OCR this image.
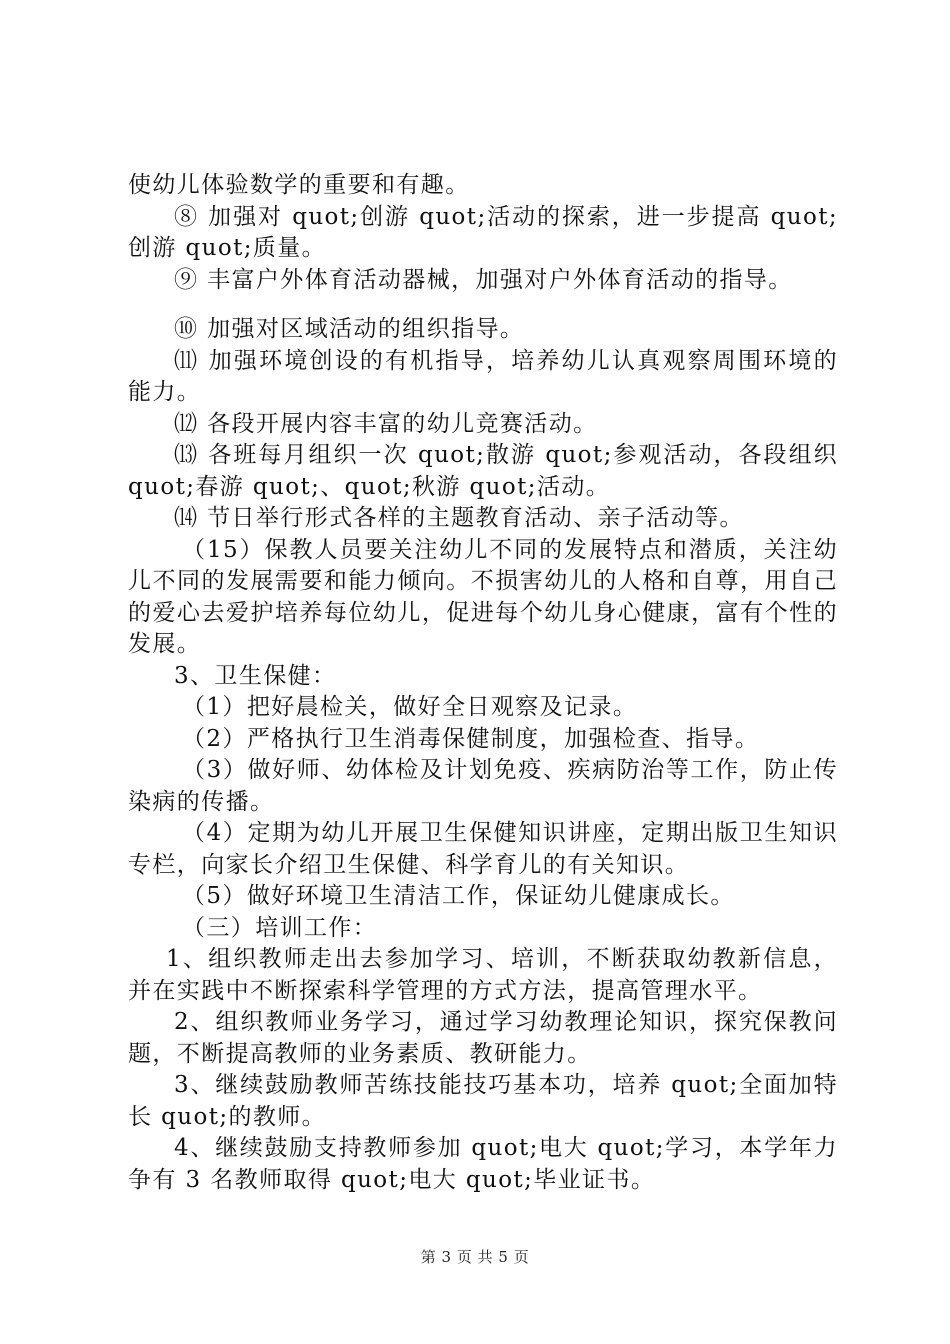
使幼儿体验数学的重要和有趣。

⑧ 加强对 quot;创游 quot;活动的探索，进一步提高 quot;创游 quot;质量。

⑨ 丰富户外体育活动器械，加强对户外体育活动的指导。

⑩ 加强对区域活动的组织指导。

⑾ 加强环境创设的有机指导，培养幼儿认真观察周围环境的能力。

⑿ 各段开展内容丰富的幼儿竞赛活动。

⒀ 各班每月组织一次 quot;散游 quot;参观活动，各段组织 quot;春游 quot;、quot;秋游 quot;活动。

⒁ 节日举行形式各样的主题教育活动、亲子活动等。

（15）保教人员要关注幼儿不同的发展特点和潜质，关注幼儿不同的发展需要和能力倾向。不损害幼儿的人格和自尊，用自己的爱心去爱护培养每位幼儿，促进每个幼儿身心健康，富有个性的发展。

3、卫生保健：

（1）把好晨检关，做好全日观察及记录。

（2）严格执行卫生消毒保健制度，加强检查、指导。

（3）做好师、幼体检及计划免疫、疾病防治等工作，防止传染病的传播。

（4）定期为幼儿开展卫生保健知识讲座，定期出版卫生知识专栏，向家长介绍卫生保健、科学育儿的有关知识。

（5）做好环境卫生清洁工作，保证幼儿健康成长。

（三）培训工作：

1、组织教师走出去参加学习、培训，不断获取幼教新信息，并在实践中不断探索科学管理的方式方法，提高管理水平。

2、组织教师业务学习，通过学习幼教理论知识，探究保教问题，不断提高教师的业务素质、教研能力。

3、继续鼓励教师苦练技能技巧基本功，培养 quot;全面加特长 quot;的教师。

4、继续鼓励支持教师参加 quot;电大 quot;学习，本学年力争有 3 名教师取得 quot;电大 quot;毕业证书。

第 3 页 共 5 页
